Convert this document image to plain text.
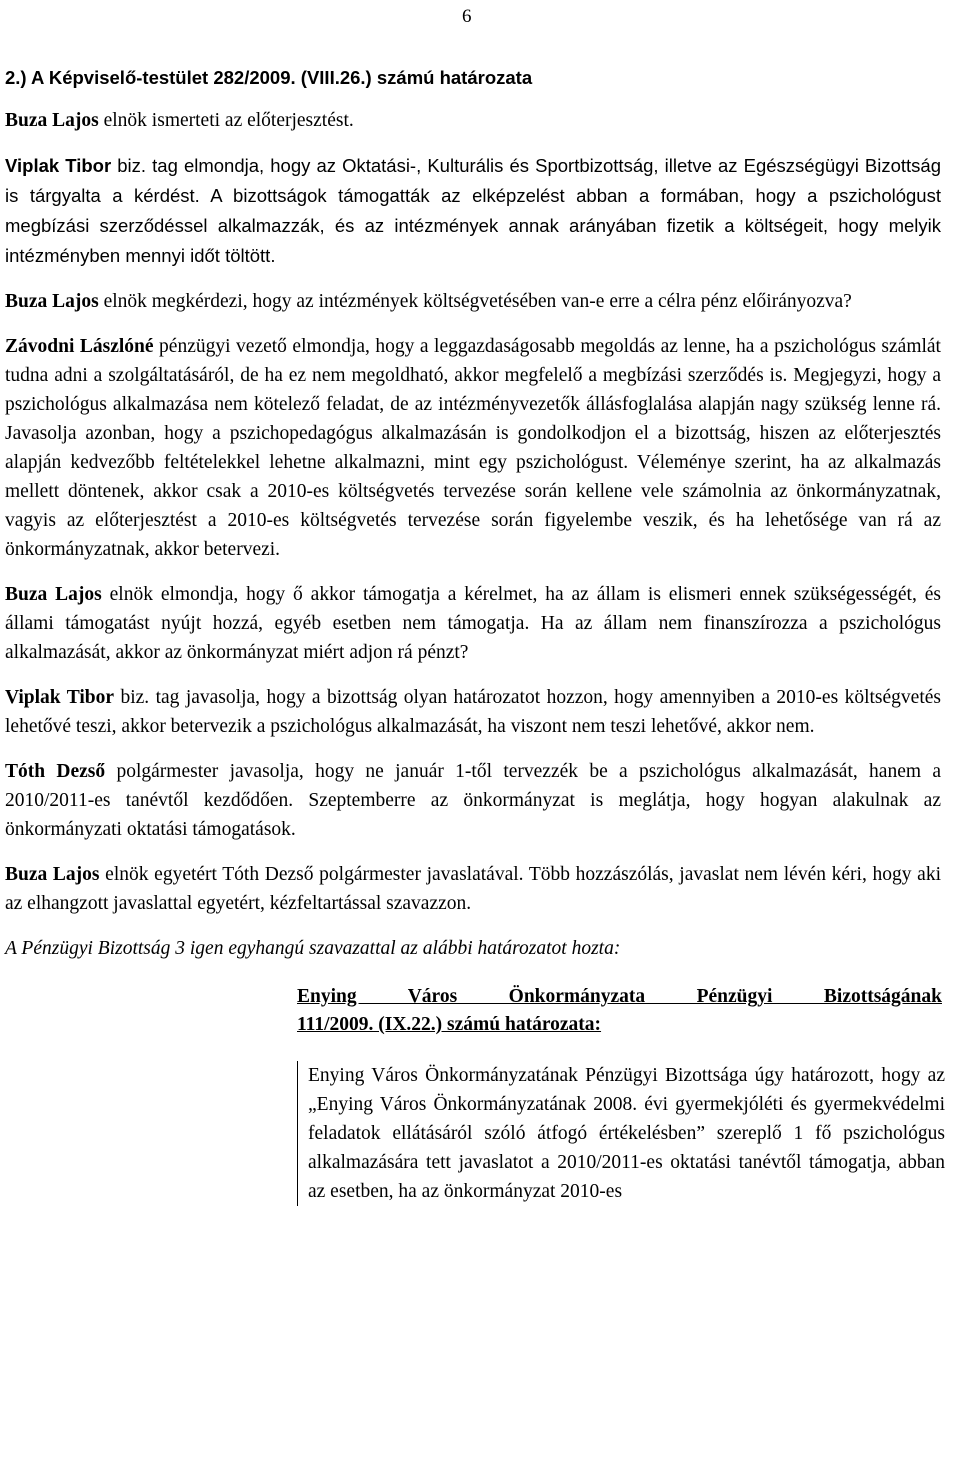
6
2.) A Képviselő-testület 282/2009. (VIII.26.) számú határozata
Buza Lajos elnök ismerteti az előterjesztést.
Viplak Tibor biz. tag elmondja, hogy az Oktatási-, Kulturális és Sportbizottság, illetve az Egészségügyi Bizottság is tárgyalta a kérdést. A bizottságok támogatták az elképzelést abban a formában, hogy a pszichológust megbízási szerződéssel alkalmazzák, és az intézmények annak arányában fizetik a költségeit, hogy melyik intézményben mennyi időt töltött.
Buza Lajos elnök megkérdezi, hogy az intézmények költségvetésében van-e erre a célra pénz előirányozva?
Závodni Lászlóné pénzügyi vezető elmondja, hogy a leggazdaságosabb megoldás az lenne, ha a pszichológus számlát tudna adni a szolgáltatásáról, de ha ez nem megoldható, akkor megfelelő a megbízási szerződés is. Megjegyzi, hogy a pszichológus alkalmazása nem kötelező feladat, de az intézményvezetők állásfoglalása alapján nagy szükség lenne rá. Javasolja azonban, hogy a pszichopedagógus alkalmazásán is gondolkodjon el a bizottság, hiszen az előterjesztés alapján kedvezőbb feltételekkel lehetne alkalmazni, mint egy pszichológust. Véleménye szerint, ha az alkalmazás mellett döntenek, akkor csak a 2010-es költségvetés tervezése során kellene vele számolnia az önkormányzatnak, vagyis az előterjesztést a 2010-es költségvetés tervezése során figyelembe veszik, és ha lehetősége van rá az önkormányzatnak, akkor betervezi.
Buza Lajos elnök elmondja, hogy ő akkor támogatja a kérelmet, ha az állam is elismeri ennek szükségességét, és állami támogatást nyújt hozzá, egyéb esetben nem támogatja. Ha az állam nem finanszírozza a pszichológus alkalmazását, akkor az önkormányzat miért adjon rá pénzt?
Viplak Tibor biz. tag javasolja, hogy a bizottság olyan határozatot hozzon, hogy amennyiben a 2010-es költségvetés lehetővé teszi, akkor betervezik a pszichológus alkalmazását, ha viszont nem teszi lehetővé, akkor nem.
Tóth Dezső polgármester javasolja, hogy ne január 1-től tervezzék be a pszichológus alkalmazását, hanem a 2010/2011-es tanévtől kezdődően. Szeptemberre az önkormányzat is meglátja, hogy hogyan alakulnak az önkormányzati oktatási támogatások.
Buza Lajos elnök egyetért Tóth Dezső polgármester javaslatával. Több hozzászólás, javaslat nem lévén kéri, hogy aki az elhangzott javaslattal egyetért, kézfeltartással szavazzon.
A Pénzügyi Bizottság 3 igen egyhangú szavazattal az alábbi határozatot hozta:
Enying Város Önkormányzata Pénzügyi Bizottságának
111/2009. (IX.22.) számú határozata:
Enying Város Önkormányzatának Pénzügyi Bizottsága úgy határozott, hogy az „Enying Város Önkormányzatának 2008. évi gyermekjóléti és gyermekvédelmi feladatok ellátásáról szóló átfogó értékelésben” szereplő 1 fő pszichológus alkalmazására tett javaslatot a 2010/2011-es oktatási tanévtől támogatja, abban az esetben, ha az önkormányzat 2010-es
